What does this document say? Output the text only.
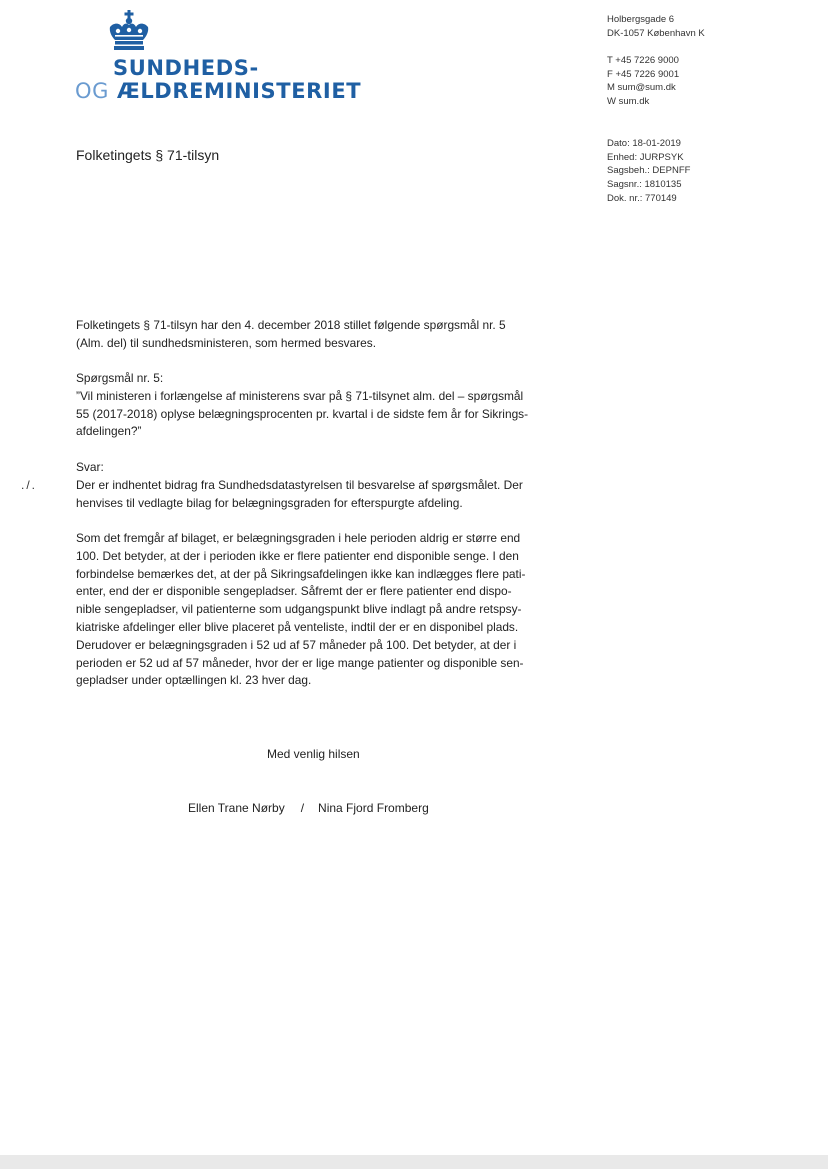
SUNDHEDS-
OG ÆLDREMINISTERIET
Holbergsgade 6
DK-1057 København K
T +45 7226 9000
F +45 7226 9001
M sum@sum.dk
W sum.dk
Dato: 18-01-2019
Enhed: JURPSYK
Sagsbeh.: DEPNFF
Sagsnr.: 1810135
Dok. nr.: 770149
Folketingets § 71-tilsyn
Folketingets § 71-tilsyn har den 4. december 2018 stillet følgende spørgsmål nr. 5
(Alm. del) til sundhedsministeren, som hermed besvares.
Spørgsmål nr. 5:
”Vil ministeren i forlængelse af ministerens svar på § 71-tilsynet alm. del – spørgsmål
55 (2017-2018) oplyse belægningsprocenten pr. kvartal i de sidste fem år for Sikrings-
afdelingen?”
./.
Svar:
Der er indhentet bidrag fra Sundhedsdatastyrelsen til besvarelse af spørgsmålet. Der
henvises til vedlagte bilag for belægningsgraden for efterspurgte afdeling.
Som det fremgår af bilaget, er belægningsgraden i hele perioden aldrig er større end
100. Det betyder, at der i perioden ikke er flere patienter end disponible senge. I den
forbindelse bemærkes det, at der på Sikringsafdelingen ikke kan indlægges flere pati-
enter, end der er disponible sengepladser. Såfremt der er flere patienter end dispo-
nible sengepladser, vil patienterne som udgangspunkt blive indlagt på andre retspsy-
kiatriske afdelinger eller blive placeret på venteliste, indtil der er en disponibel plads.
Derudover er belægningsgraden i 52 ud af 57 måneder på 100. Det betyder, at der i
perioden er 52 ud af 57 måneder, hvor der er lige mange patienter og disponible sen-
gepladser under optællingen kl. 23 hver dag.
Med venlig hilsen
Ellen Trane Nørby / Nina Fjord Fromberg
